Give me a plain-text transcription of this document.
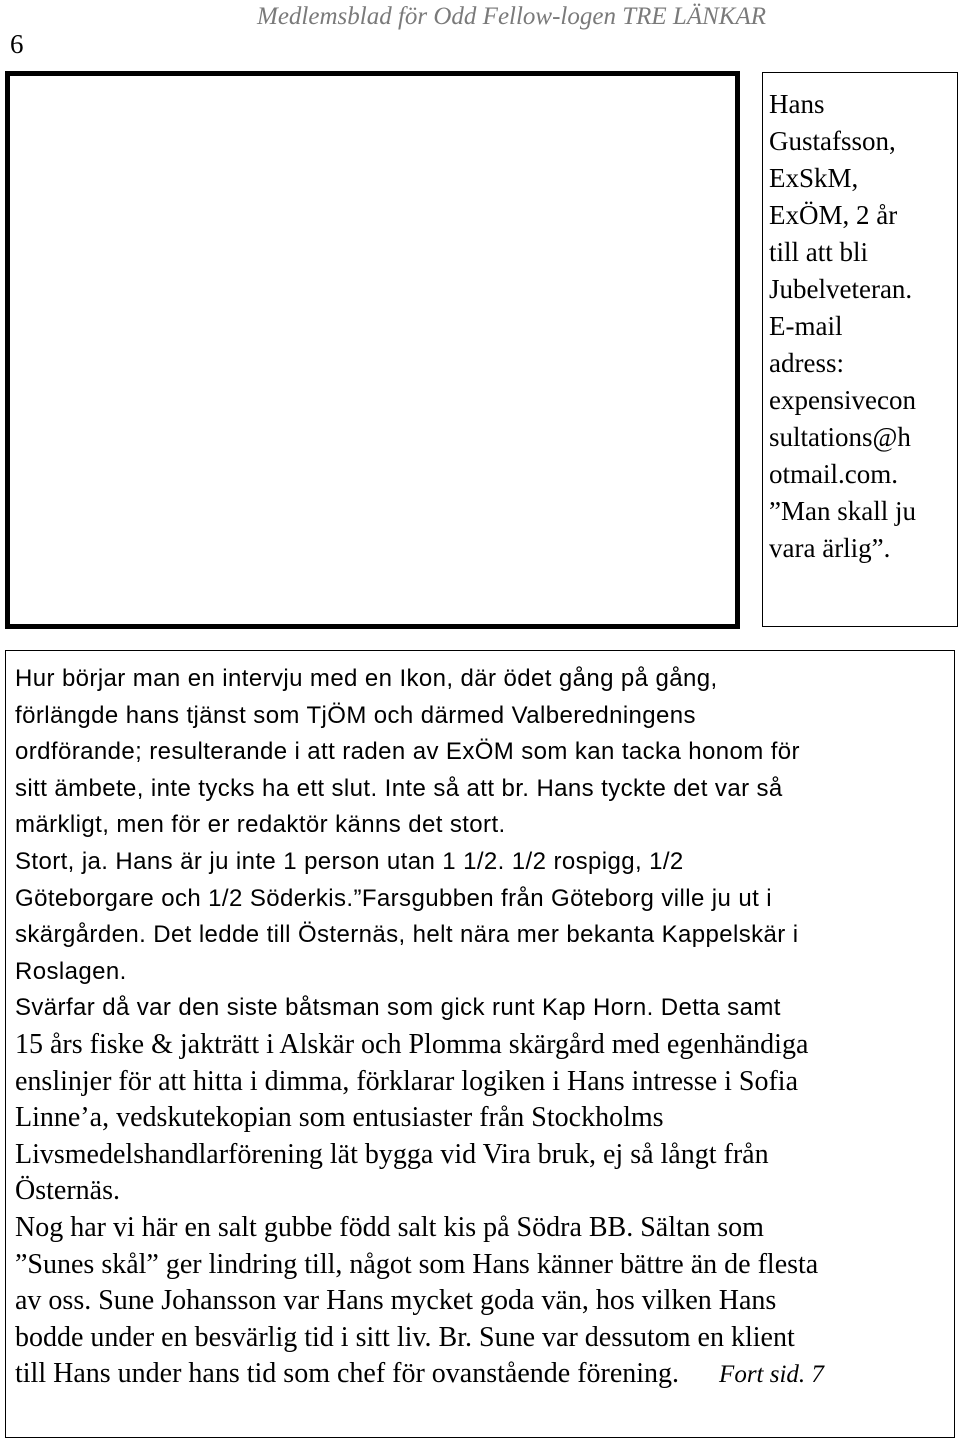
6
Medlemsblad för Odd Fellow-logen TRE LÄNKAR
Hans
Gustafsson,
ExSkM,
ExÖM, 2 år
till att bli
Jubelveteran.
E-mail
adress:
expensivecon
sultations@h
otmail.com.
”Man skall ju
vara ärlig”.
Hur börjar man en intervju med en Ikon, där ödet gång på gång,
förlängde hans tjänst som TjÖM och därmed Valberedningens
ordförande; resulterande i att raden av ExÖM som kan tacka honom för
sitt ämbete, inte tycks ha ett slut. Inte så att br. Hans tyckte det var så
märkligt, men för er redaktör känns det stort.
Stort, ja. Hans är ju inte 1 person utan 1 1/2. 1/2 rospigg, 1/2
Göteborgare och 1/2 Söderkis.”Farsgubben från Göteborg ville ju ut i
skärgården. Det ledde till Östernäs, helt nära mer bekanta Kappelskär i
Roslagen.
Svärfar då var den siste båtsman som gick runt Kap Horn. Detta samt
15 års fiske & jakträtt i Alskär och Plomma skärgård med egenhändiga
enslinjer för att hitta i dimma, förklarar logiken i Hans intresse i Sofia
Linne’a, vedskutekopian som entusiaster från Stockholms
Livsmedelshandlarförening lät bygga vid Vira bruk, ej så långt från
Östernäs.
Nog har vi här en salt gubbe född salt kis på Södra BB. Sältan som
”Sunes skål” ger lindring till, något som Hans känner bättre än de flesta
av oss. Sune Johansson var Hans mycket goda vän, hos vilken Hans
bodde under en besvärlig tid i sitt liv. Br. Sune var dessutom en klient
till Hans under hans tid som chef för ovanstående förening. Fort sid. 7
